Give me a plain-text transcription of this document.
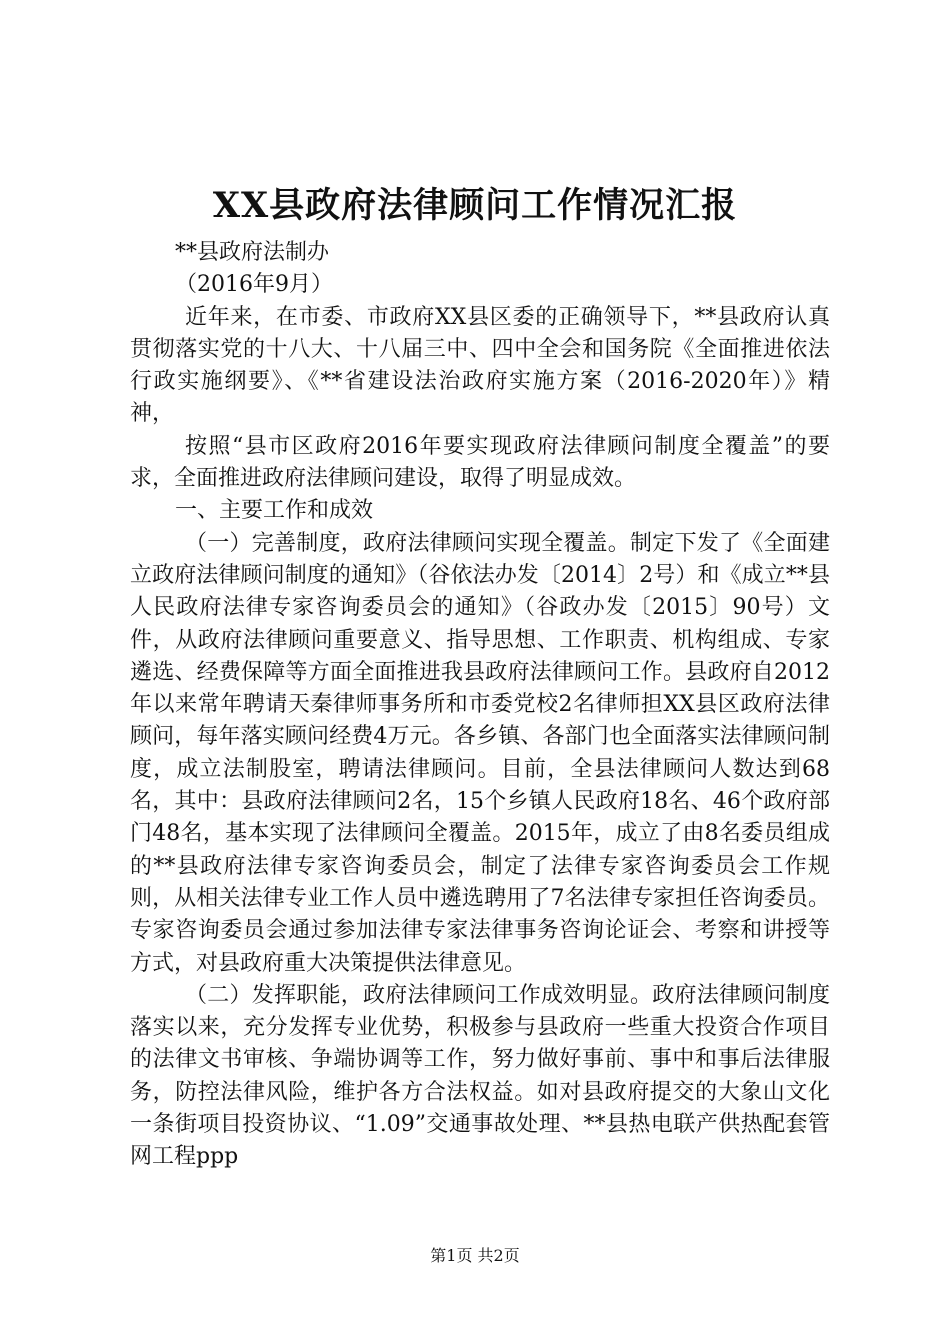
XX县政府法律顾问工作情况汇报

**县政府法制办

（2016年9月）

近年来，在市委、市政府XX县区委的正确领导下，**县政府认真贯彻落实党的十八大、十八届三中、四中全会和国务院《全面推进依法行政实施纲要》、《**省建设法治政府实施方案（2016-2020年）》精神，

按照“县市区政府2016年要实现政府法律顾问制度全覆盖”的要求，全面推进政府法律顾问建设，取得了明显成效。

一、主要工作和成效

（一）完善制度，政府法律顾问实现全覆盖。制定下发了《全面建立政府法律顾问制度的通知》（谷依法办发〔2014〕2号）和《成立**县人民政府法律专家咨询委员会的通知》（谷政办发〔2015〕90号）文件，从政府法律顾问重要意义、指导思想、工作职责、机构组成、专家遴选、经费保障等方面全面推进我县政府法律顾问工作。县政府自2012年以来常年聘请天秦律师事务所和市委党校2名律师担XX县区政府法律顾问，每年落实顾问经费4万元。各乡镇、各部门也全面落实法律顾问制度，成立法制股室，聘请法律顾问。目前，全县法律顾问人数达到68名，其中：县政府法律顾问2名，15个乡镇人民政府18名、46个政府部门48名，基本实现了法律顾问全覆盖。2015年，成立了由8名委员组成的**县政府法律专家咨询委员会，制定了法律专家咨询委员会工作规则，从相关法律专业工作人员中遴选聘用了7名法律专家担任咨询委员。专家咨询委员会通过参加法律专家法律事务咨询论证会、考察和讲授等方式，对县政府重大决策提供法律意见。

（二）发挥职能，政府法律顾问工作成效明显。政府法律顾问制度落实以来，充分发挥专业优势，积极参与县政府一些重大投资合作项目的法律文书审核、争端协调等工作，努力做好事前、事中和事后法律服务，防控法律风险，维护各方合法权益。如对县政府提交的大象山文化一条街项目投资协议、“1.09”交通事故处理、**县热电联产供热配套管网工程ppp

第1页 共2页
